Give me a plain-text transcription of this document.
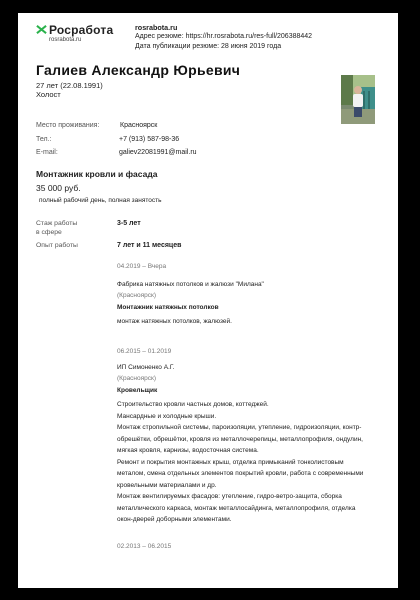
Росработа
rosrabota.ru
rosrabota.ru
Адрес резюме: https://hr.rosrabota.ru/res-full/206388442
Дата публикации резюме: 28 июня 2019 года
Галиев Александр Юрьевич
27 лет (22.08.1991)
Холост
Место проживания:	Красноярск
Тел.:	+7 (913) 587-98-36
E-mail:	galiev22081991@mail.ru
Монтажник кровли и фасада
35 000 руб.
полный рабочий день, полная занятость
Стаж работы
в сфере
3-5 лет
Опыт работы	7 лет и 11 месяцев
04.2019 – Вчера
Фабрика натяжных потолков и жалюзи "Милана"
(Красноярск)
Монтажник натяжных потолков
монтаж натяжных потолков, жалюзей.
06.2015 – 01.2019
ИП Симоненко А.Г.
(Красноярск)
Кровельщик
Строительство кровли частных домов, коттеджей.
Мансардные и холодные крыши.
Монтаж стропильной системы, пароизоляции, утепление, гидроизоляции, контр-
обрешётки, обрешётки, кровля из металлочерепицы, металлопрофиля, ондулин,
мягкая кровля, карнизы, водосточная система.
Ремонт и покрытия монтажных крыш, отделка примыканий тонколистовым
металом, смена отдельных элементов покрытий кровли, работа с современными
кровельными материалами и др.
Монтаж вентилируемых фасадов: утепление, гидро-ветро-защита, сборка
металлического каркаса, монтаж металлосайдинга, металлопрофиля, отделка
окон-дверей доборными элементами.
02.2013 – 06.2015
